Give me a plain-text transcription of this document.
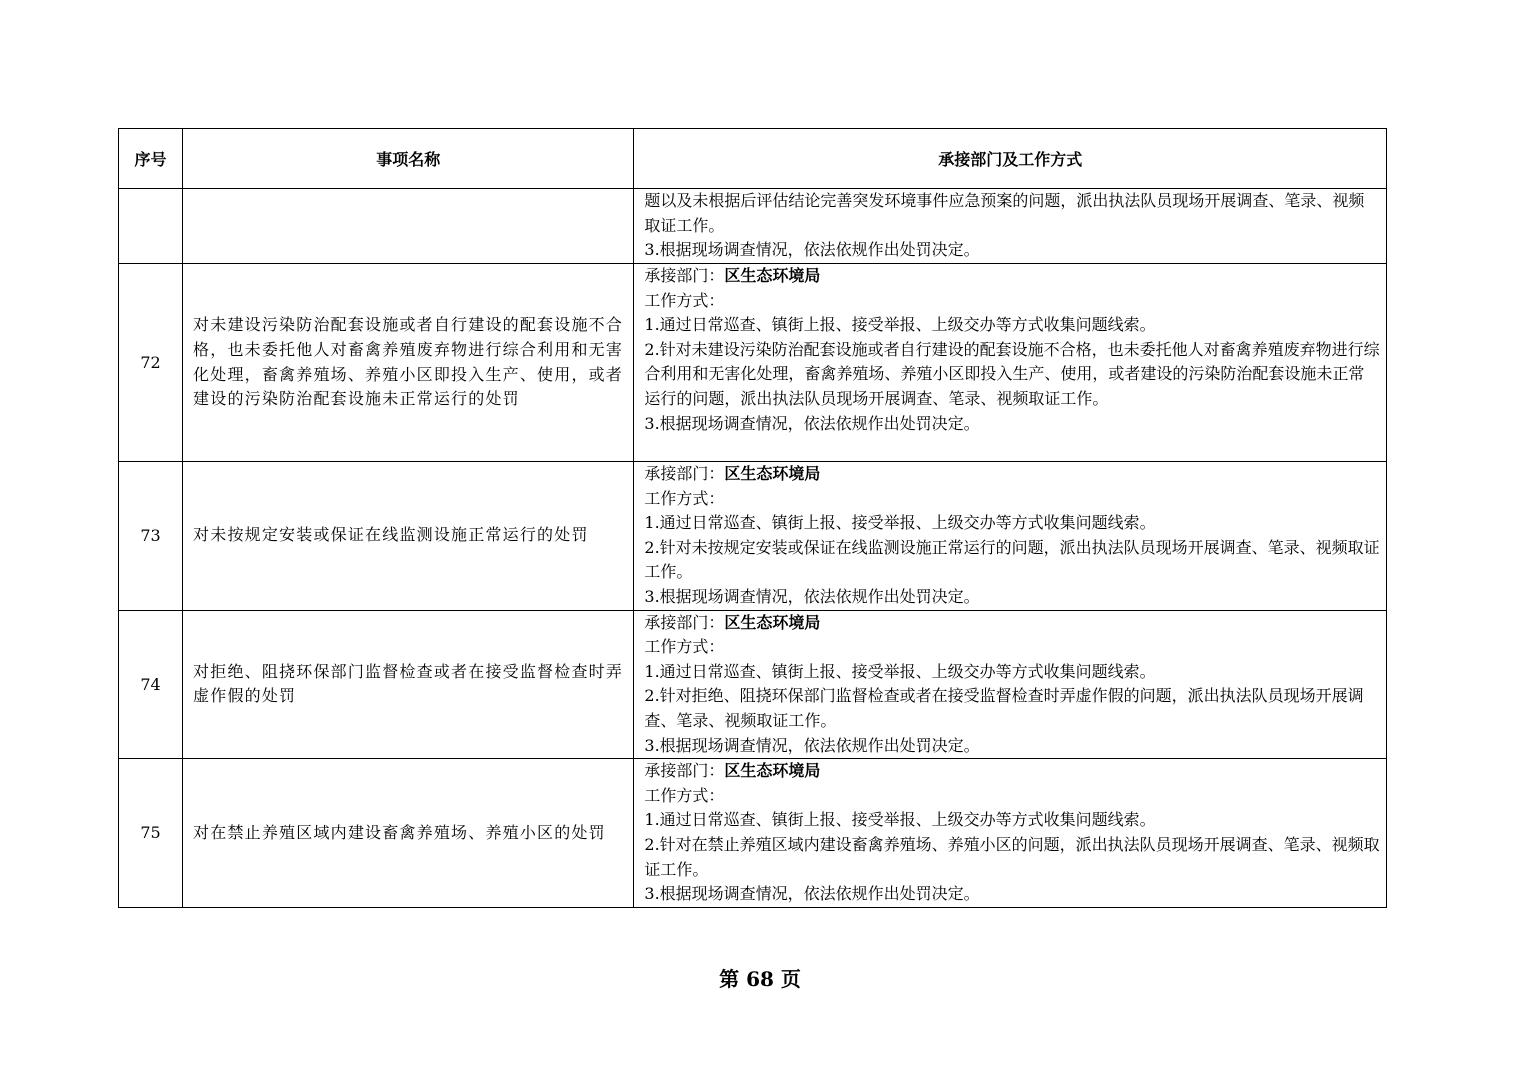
序号	事项名称	承接部门及工作方式

		题以及未根据后评估结论完善突发环境事件应急预案的问题，派出执法队员现场开展调查、笔录、视频取证工作。
3.根据现场调查情况，依法依规作出处罚决定。

72	对未建设污染防治配套设施或者自行建设的配套设施不合格，也未委托他人对畜禽养殖废弃物进行综合利用和无害化处理，畜禽养殖场、养殖小区即投入生产、使用，或者建设的污染防治配套设施未正常运行的处罚	承接部门：区生态环境局
工作方式：
1.通过日常巡查、镇街上报、接受举报、上级交办等方式收集问题线索。
2.针对未建设污染防治配套设施或者自行建设的配套设施不合格，也未委托他人对畜禽养殖废弃物进行综合利用和无害化处理，畜禽养殖场、养殖小区即投入生产、使用，或者建设的污染防治配套设施未正常运行的问题，派出执法队员现场开展调查、笔录、视频取证工作。
3.根据现场调查情况，依法依规作出处罚决定。

73	对未按规定安装或保证在线监测设施正常运行的处罚	承接部门：区生态环境局
工作方式：
1.通过日常巡查、镇街上报、接受举报、上级交办等方式收集问题线索。
2.针对未按规定安装或保证在线监测设施正常运行的问题，派出执法队员现场开展调查、笔录、视频取证工作。
3.根据现场调查情况，依法依规作出处罚决定。

74	对拒绝、阻挠环保部门监督检查或者在接受监督检查时弄虚作假的处罚	承接部门：区生态环境局
工作方式：
1.通过日常巡查、镇街上报、接受举报、上级交办等方式收集问题线索。
2.针对拒绝、阻挠环保部门监督检查或者在接受监督检查时弄虚作假的问题，派出执法队员现场开展调查、笔录、视频取证工作。
3.根据现场调查情况，依法依规作出处罚决定。

75	对在禁止养殖区域内建设畜禽养殖场、养殖小区的处罚	承接部门：区生态环境局
工作方式：
1.通过日常巡查、镇街上报、接受举报、上级交办等方式收集问题线索。
2.针对在禁止养殖区域内建设畜禽养殖场、养殖小区的问题，派出执法队员现场开展调查、笔录、视频取证工作。
3.根据现场调查情况，依法依规作出处罚决定。
第 68 页
